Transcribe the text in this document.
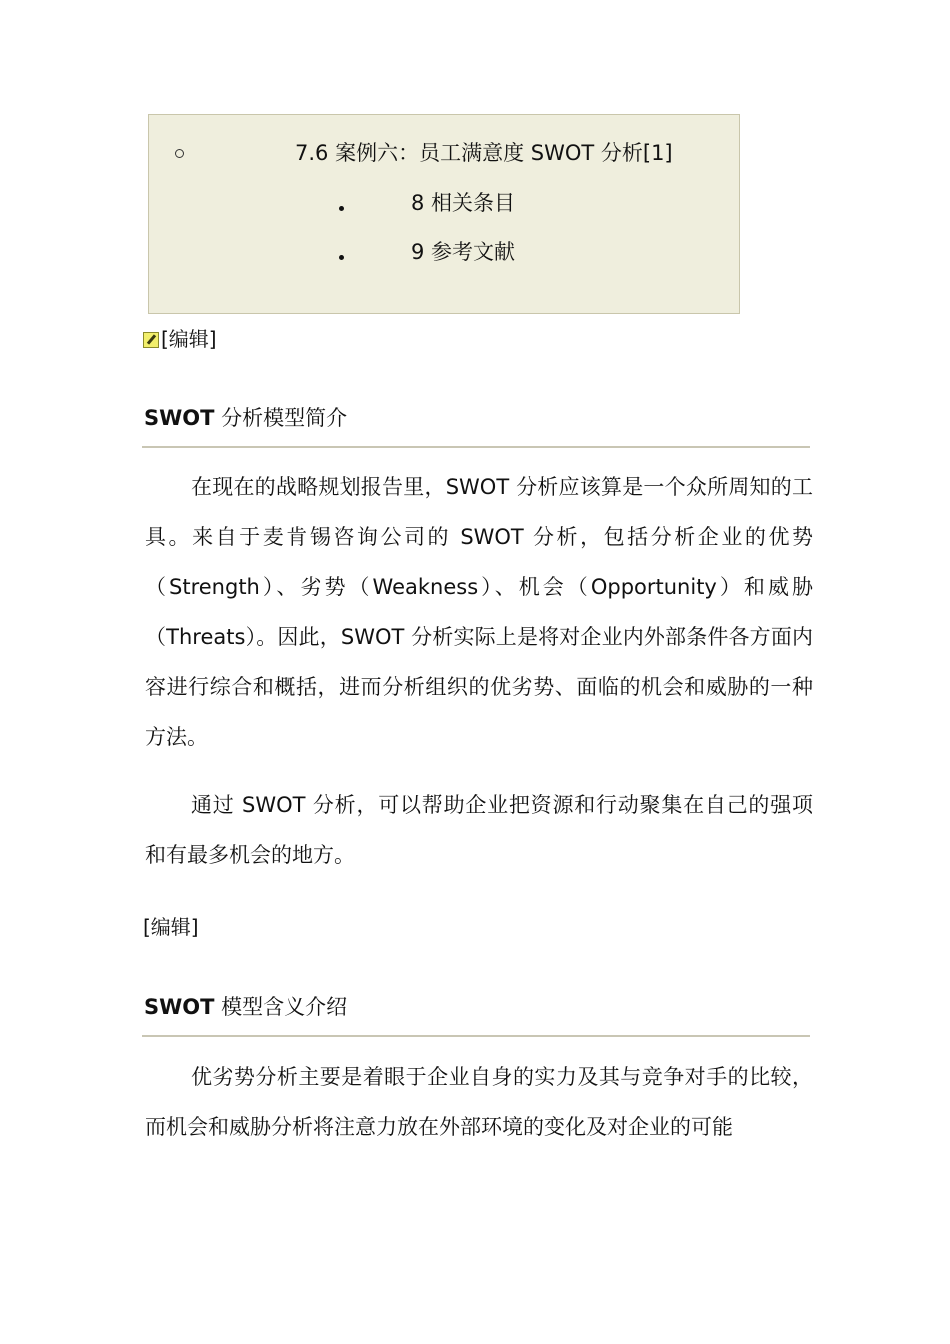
7.6 案例六：员工满意度 SWOT 分析[1]
8 相关条目
9 参考文献
[编辑]
SWOT 分析模型简介
在现在的战略规划报告里，SWOT 分析应该算是一个众所周知的工具。来自于麦肯锡咨询公司的 SWOT 分析，包括分析企业的优势（Strength）、劣势（Weakness）、机会（Opportunity）和威胁（Threats）。因此，SWOT 分析实际上是将对企业内外部条件各方面内容进行综合和概括，进而分析组织的优劣势、面临的机会和威胁的一种方法。
通过 SWOT 分析，可以帮助企业把资源和行动聚集在自己的强项和有最多机会的地方。
[编辑]
SWOT 模型含义介绍
优劣势分析主要是着眼于企业自身的实力及其与竞争对手的比较，而机会和威胁分析将注意力放在外部环境的变化及对企业的可能
